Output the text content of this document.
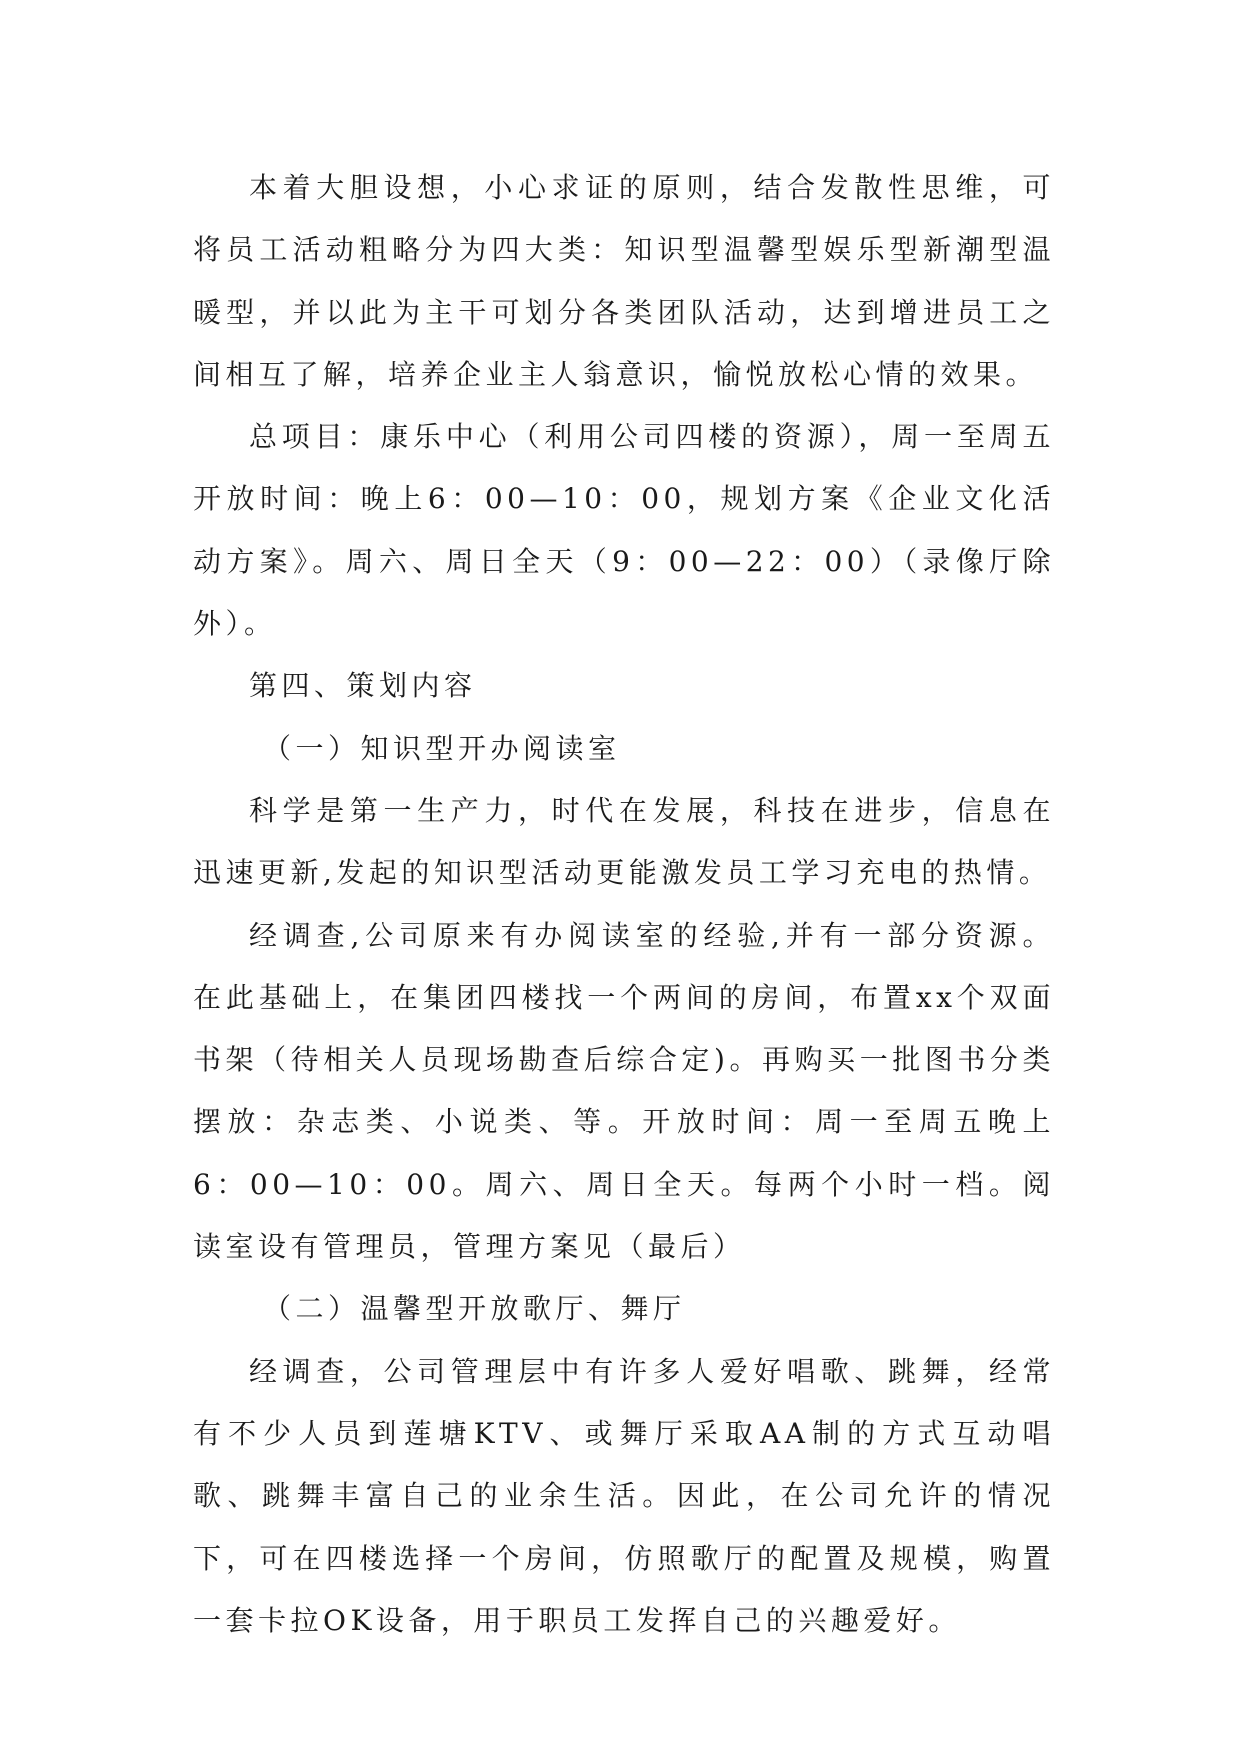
本着大胆设想，小心求证的原则，结合发散性思维，可将员工活动粗略分为四大类：知识型温馨型娱乐型新潮型温暖型，并以此为主干可划分各类团队活动，达到增进员工之间相互了解，培养企业主人翁意识，愉悦放松心情的效果。

总项目：康乐中心（利用公司四楼的资源），周一至周五开放时间：晚上6：00—10：00，规划方案《企业文化活动方案》。周六、周日全天（9：00—22：00）（录像厅除外）。

第四、策划内容

（一）知识型开办阅读室

科学是第一生产力，时代在发展，科技在进步，信息在迅速更新,发起的知识型活动更能激发员工学习充电的热情。

经调查,公司原来有办阅读室的经验,并有一部分资源。在此基础上，在集团四楼找一个两间的房间，布置xx个双面书架（待相关人员现场勘查后综合定)。再购买一批图书分类摆放：杂志类、小说类、等。开放时间：周一至周五晚上6：00—10：00。周六、周日全天。每两个小时一档。阅读室设有管理员，管理方案见（最后）

（二）温馨型开放歌厅、舞厅

经调查，公司管理层中有许多人爱好唱歌、跳舞，经常有不少人员到莲塘KTV、或舞厅采取AA制的方式互动唱歌、跳舞丰富自己的业余生活。因此，在公司允许的情况下，可在四楼选择一个房间，仿照歌厅的配置及规模，购置一套卡拉OK设备，用于职员工发挥自己的兴趣爱好。
